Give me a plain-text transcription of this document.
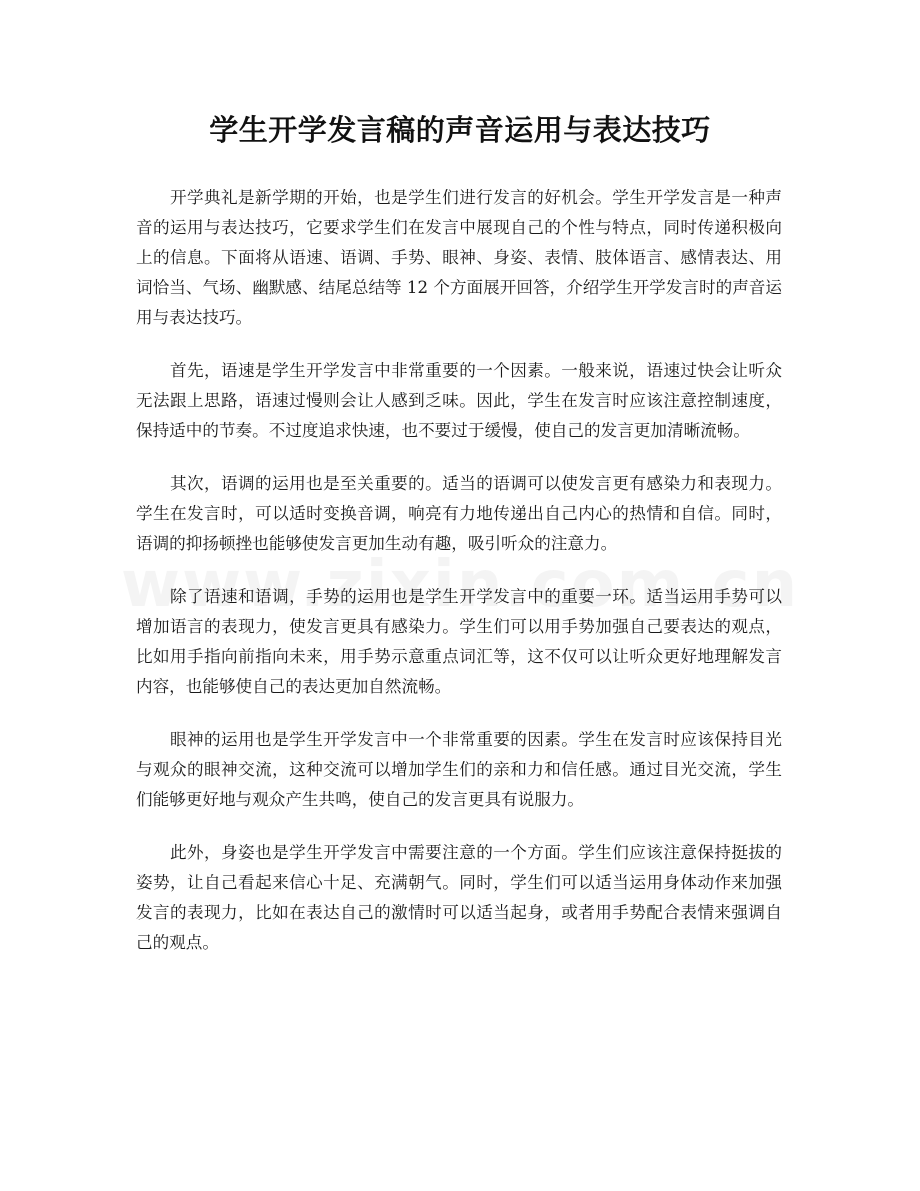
学生开学发言稿的声音运用与表达技巧

开学典礼是新学期的开始，也是学生们进行发言的好机会。学生开学发言是一种声音的运用与表达技巧，它要求学生们在发言中展现自己的个性与特点，同时传递积极向上的信息。下面将从语速、语调、手势、眼神、身姿、表情、肢体语言、感情表达、用词恰当、气场、幽默感、结尾总结等 12 个方面展开回答，介绍学生开学发言时的声音运用与表达技巧。

首先，语速是学生开学发言中非常重要的一个因素。一般来说，语速过快会让听众无法跟上思路，语速过慢则会让人感到乏味。因此，学生在发言时应该注意控制速度，保持适中的节奏。不过度追求快速，也不要过于缓慢，使自己的发言更加清晰流畅。

其次，语调的运用也是至关重要的。适当的语调可以使发言更有感染力和表现力。学生在发言时，可以适时变换音调，响亮有力地传递出自己内心的热情和自信。同时，语调的抑扬顿挫也能够使发言更加生动有趣，吸引听众的注意力。

除了语速和语调，手势的运用也是学生开学发言中的重要一环。适当运用手势可以增加语言的表现力，使发言更具有感染力。学生们可以用手势加强自己要表达的观点，比如用手指向前指向未来，用手势示意重点词汇等，这不仅可以让听众更好地理解发言内容，也能够使自己的表达更加自然流畅。

眼神的运用也是学生开学发言中一个非常重要的因素。学生在发言时应该保持目光与观众的眼神交流，这种交流可以增加学生们的亲和力和信任感。通过目光交流，学生们能够更好地与观众产生共鸣，使自己的发言更具有说服力。

此外，身姿也是学生开学发言中需要注意的一个方面。学生们应该注意保持挺拔的姿势，让自己看起来信心十足、充满朝气。同时，学生们可以适当运用身体动作来加强发言的表现力，比如在表达自己的激情时可以适当起身，或者用手势配合表情来强调自己的观点。
